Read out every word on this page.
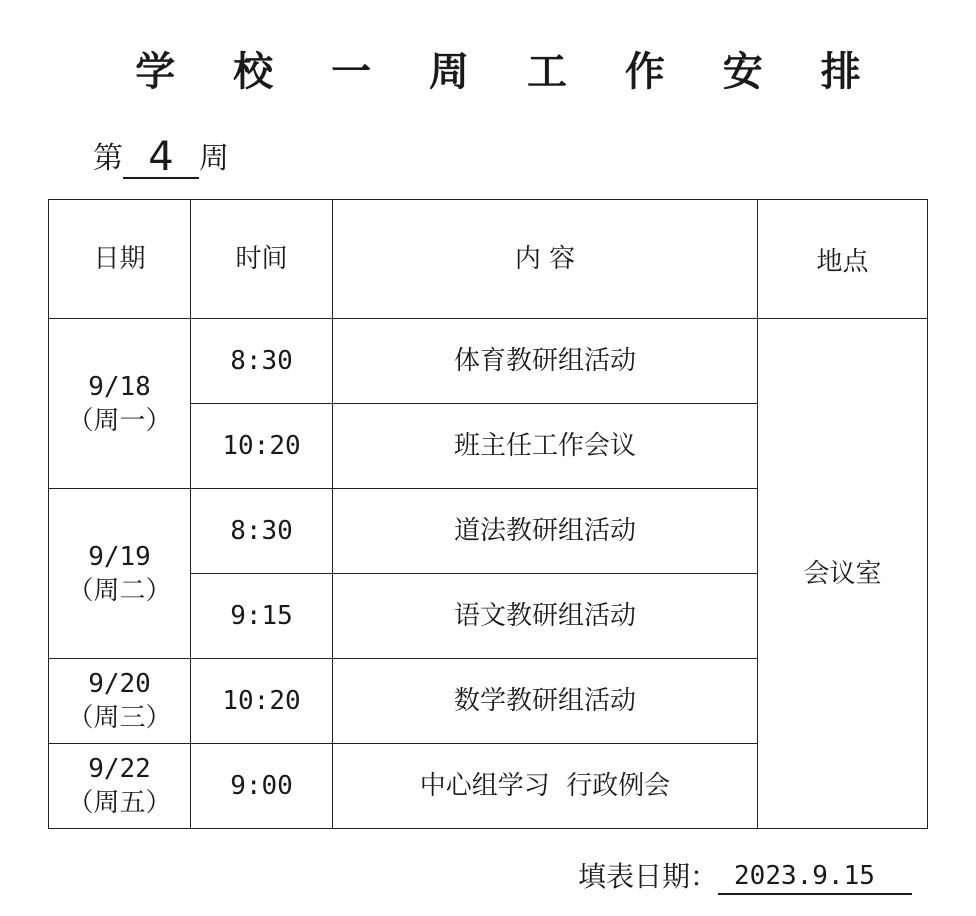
学 校 一 周 工 作 安 排
第 4 周
日期	时间	内 容	地点

9/18
（周一）	8:30	体育教研组活动	会议室
	10:20	班主任工作会议	

9/19
（周二）	8:30	道法教研组活动	
	9:15	语文教研组活动	

9/20
（周三）	10:20	数学教研组活动	

9/22
（周五）	9:00	中心组学习  行政例会	
填表日期： 2023.9.15
